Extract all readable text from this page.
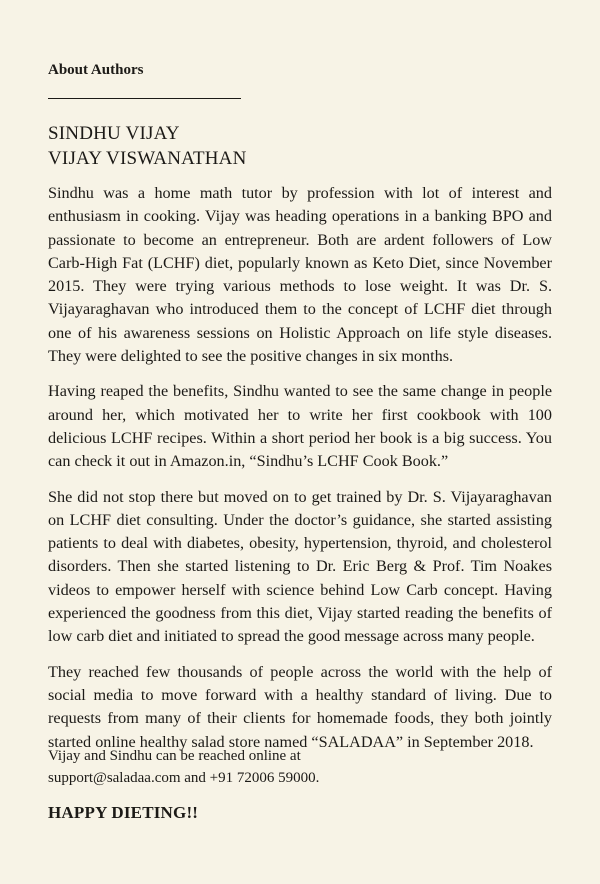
About Authors
SINDHU VIJAY
VIJAY VISWANATHAN

Sindhu was a home math tutor by profession with lot of interest and enthusiasm in cooking. Vijay was heading operations in a banking BPO and passionate to become an entrepreneur. Both are ardent followers of Low Carb-High Fat (LCHF) diet, popularly known as Keto Diet, since November 2015. They were trying various methods to lose weight. It was Dr. S. Vijayaraghavan who introduced them to the concept of LCHF diet through one of his awareness sessions on Holistic Approach on life style diseases. They were delighted to see the positive changes in six months.

Having reaped the benefits, Sindhu wanted to see the same change in people around her, which motivated her to write her first cookbook with 100 delicious LCHF recipes. Within a short period her book is a big success. You can check it out in Amazon.in, “Sindhu’s LCHF Cook Book.”

She did not stop there but moved on to get trained by Dr. S. Vijayaraghavan on LCHF diet consulting. Under the doctor’s guidance, she started assisting patients to deal with diabetes, obesity, hypertension, thyroid, and cholesterol disorders. Then she started listening to Dr. Eric Berg & Prof. Tim Noakes videos to empower herself with science behind Low Carb concept. Having experienced the goodness from this diet, Vijay started reading the benefits of low carb diet and initiated to spread the good message across many people.

They reached few thousands of people across the world with the help of social media to move forward with a healthy standard of living. Due to requests from many of their clients for homemade foods, they both jointly started online healthy salad store named “SALADAA” in September 2018.

Vijay and Sindhu can be reached online at
support@saladaa.com and +91 72006 59000.

HAPPY DIETING!!
